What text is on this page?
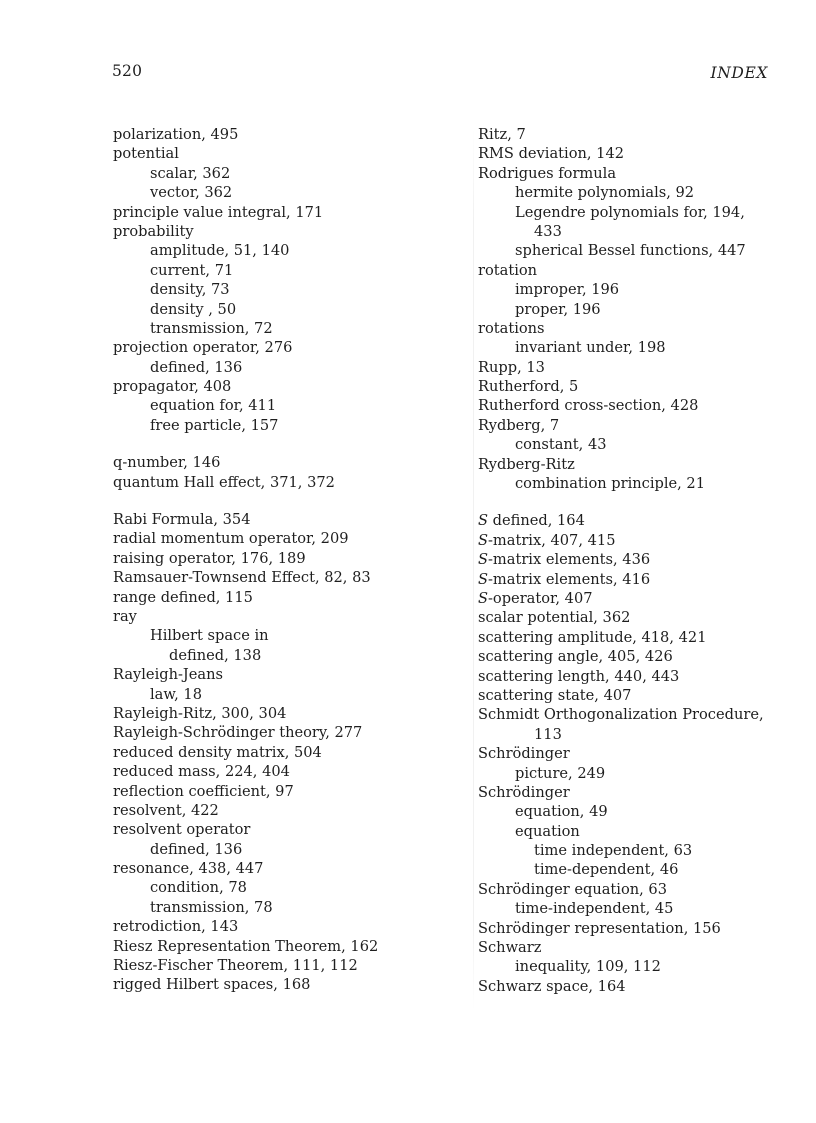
520	INDEX
polarization, 495
potential
scalar, 362
vector, 362
principle value integral, 171
probability
amplitude, 51, 140
current, 71
density, 73
density , 50
transmission, 72
projection operator, 276
defined, 136
propagator, 408
equation for, 411
free particle, 157
q-number, 146
quantum Hall effect, 371, 372
Rabi Formula, 354
radial momentum operator, 209
raising operator, 176, 189
Ramsauer-Townsend Effect, 82, 83
range defined, 115
ray
Hilbert space in
defined, 138
Rayleigh-Jeans
law, 18
Rayleigh-Ritz, 300, 304
Rayleigh-Schrödinger theory, 277
reduced density matrix, 504
reduced mass, 224, 404
reflection coefficient, 97
resolvent, 422
resolvent operator
defined, 136
resonance, 438, 447
condition, 78
transmission, 78
retrodiction, 143
Riesz Representation Theorem, 162
Riesz-Fischer Theorem, 111, 112
rigged Hilbert spaces, 168
Ritz, 7
RMS deviation, 142
Rodrigues formula
hermite polynomials, 92
Legendre polynomials for, 194,
433
spherical Bessel functions, 447
rotation
improper, 196
proper, 196
rotations
invariant under, 198
Rupp, 13
Rutherford, 5
Rutherford cross-section, 428
Rydberg, 7
constant, 43
Rydberg-Ritz
combination principle, 21
S defined, 164
S-matrix, 407, 415
S-matrix elements, 436
S-matrix elements, 416
S-operator, 407
scalar potential, 362
scattering amplitude, 418, 421
scattering angle, 405, 426
scattering length, 440, 443
scattering state, 407
Schmidt Orthogonalization Procedure,
113
Schrödinger
picture, 249
Schrödinger
equation, 49
equation
time independent, 63
time-dependent, 46
Schrödinger equation, 63
time-independent, 45
Schrödinger representation, 156
Schwarz
inequality, 109, 112
Schwarz space, 164
